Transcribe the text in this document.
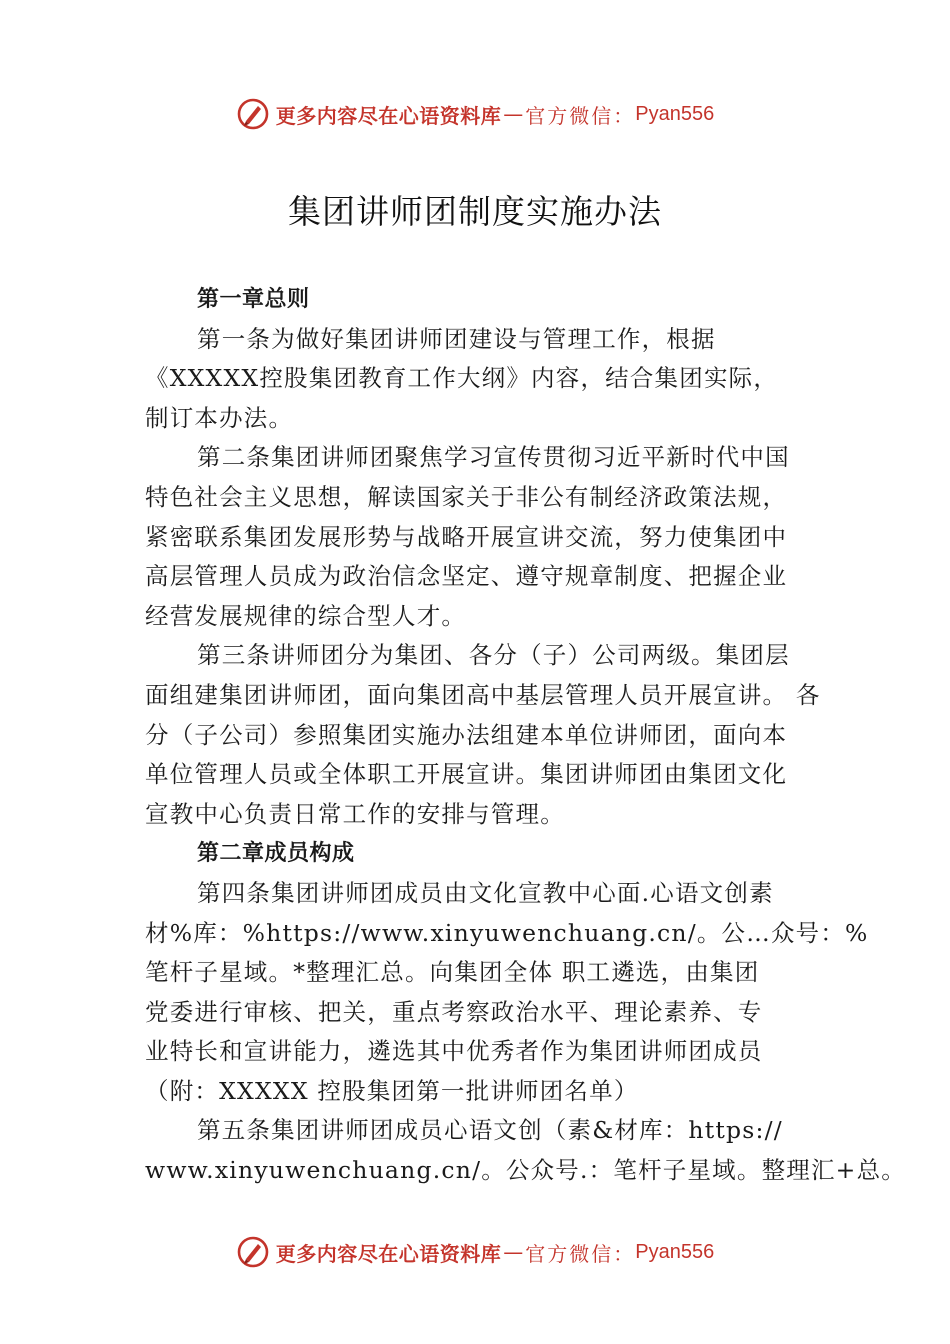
更多内容尽在心语资料库 — 官方微信： Pyan556
集团讲师团制度实施办法
第一章总则
第一条为做好集团讲师团建设与管理工作，根据
《XXXXX控股集团教育工作大纲》内容，结合集团实际，
制订本办法。
第二条集团讲师团聚焦学习宣传贯彻习近平新时代中国
特色社会主义思想，解读国家关于非公有制经济政策法规，
紧密联系集团发展形势与战略开展宣讲交流，努力使集团中
高层管理人员成为政治信念坚定、遵守规章制度、把握企业
经营发展规律的综合型人才。
第三条讲师团分为集团、各分（子）公司两级。集团层
面组建集团讲师团，面向集团高中基层管理人员开展宣讲。 各
分（子公司）参照集团实施办法组建本单位讲师团，面向本
单位管理人员或全体职工开展宣讲。集团讲师团由集团文化
宣教中心负责日常工作的安排与管理。
第二章成员构成
第四条集团讲师团成员由文化宣教中心面.心语文创素
材%库：%https://www.xinyuwenchuang.cn/。公…众号：%
笔杆子星域。*整理汇总。向集团全体 职工遴选，由集团
党委进行审核、把关，重点考察政治水平、理论素养、专
业特长和宣讲能力，遴选其中优秀者作为集团讲师团成员
（附：XXXXX 控股集团第一批讲师团名单）
第五条集团讲师团成员心语文创（素&材库：https://
www.xinyuwenchuang.cn/。公众号.：笔杆子星域。整理汇+总。
更多内容尽在心语资料库 — 官方微信： Pyan556
